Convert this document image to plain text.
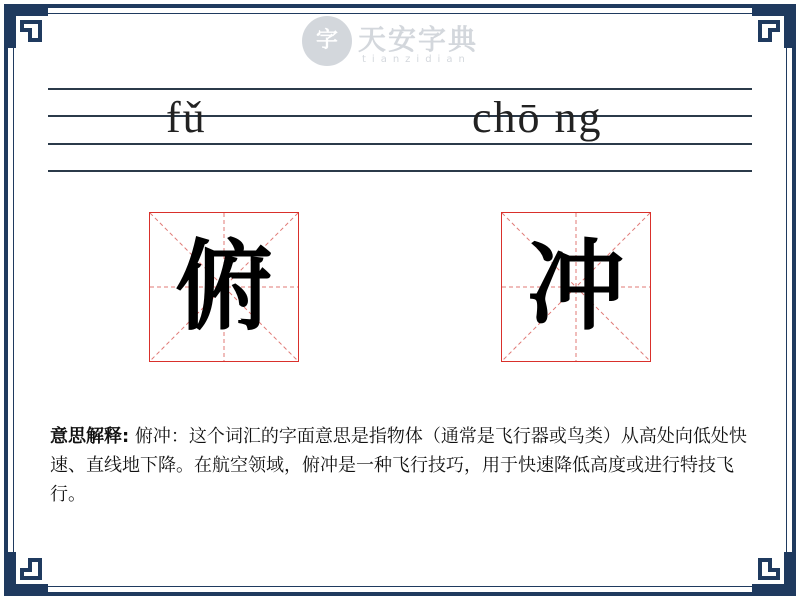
字 天安字典
tianzidian
fǔ	chō ng
俯	冲
意思解释: 俯冲：这个词汇的字面意思是指物体（通常是飞行器或鸟类）从高处向低处快速、直线地下降。在航空领域，俯冲是一种飞行技巧，用于快速降低高度或进行特技飞行。
